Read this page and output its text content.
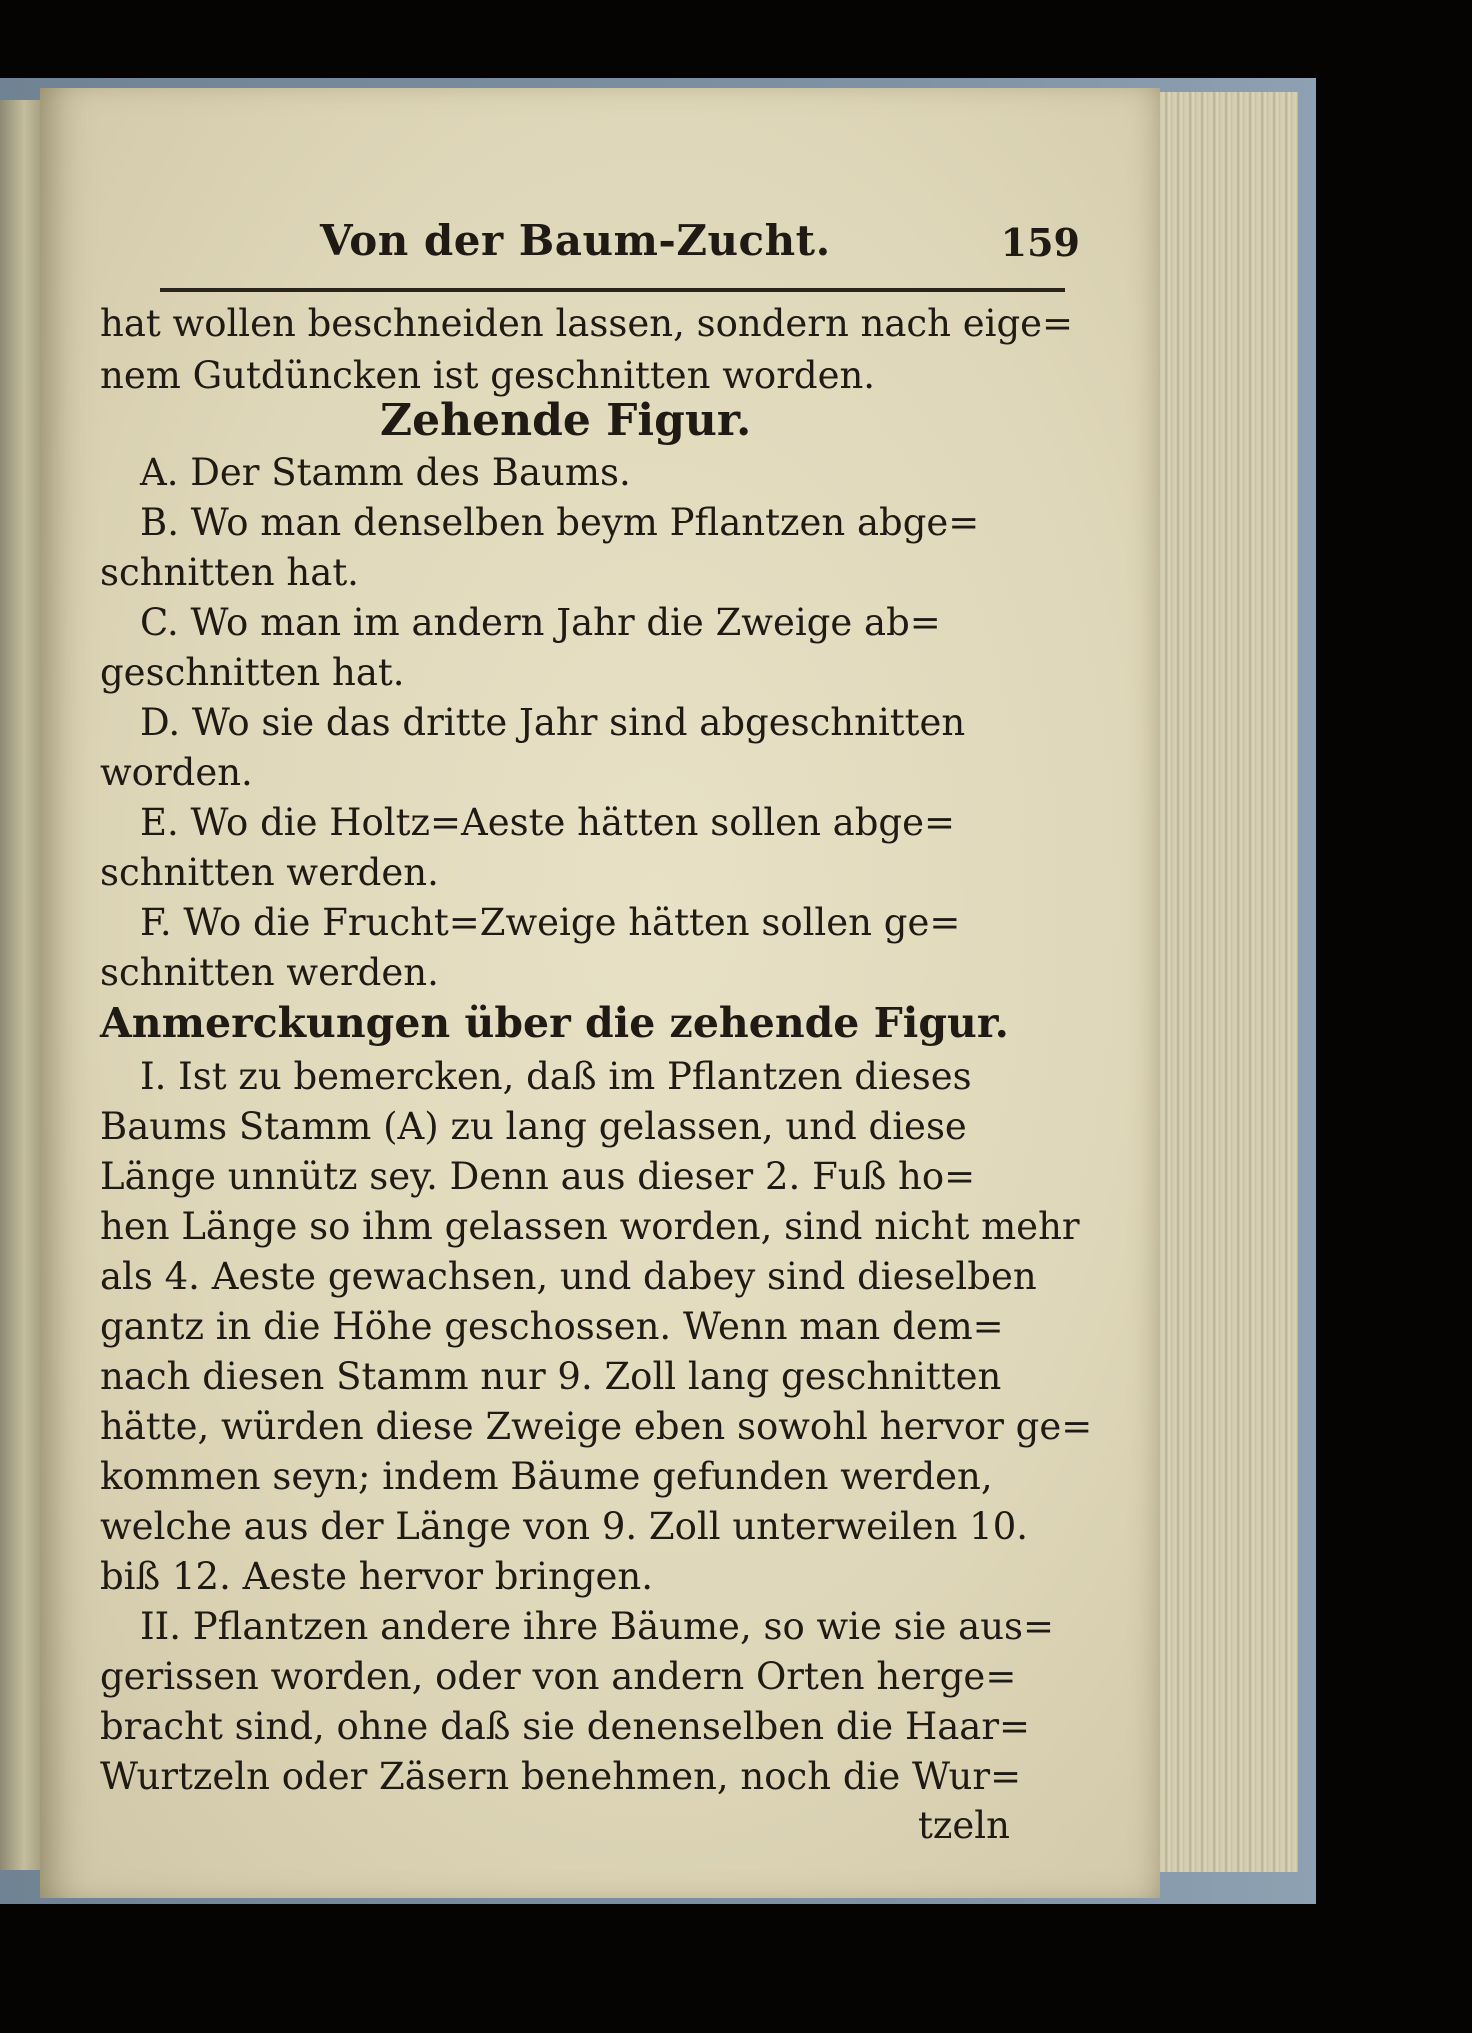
Von der Baum-Zucht.	159
hat wollen beschneiden lassen, sondern nach eige=
nem Gutdüncken ist geschnitten worden.
Zehende Figur.
A. Der Stamm des Baums.
B. Wo man denselben beym Pflantzen abge=
schnitten hat.
C. Wo man im andern Jahr die Zweige ab=
geschnitten hat.
D. Wo sie das dritte Jahr sind abgeschnitten
worden.
E. Wo die Holtz=Aeste hätten sollen abge=
schnitten werden.
F. Wo die Frucht=Zweige hätten sollen ge=
schnitten werden.
Anmerckungen über die zehende Figur.
I. Ist zu bemercken, daß im Pflantzen dieses
Baums Stamm (A) zu lang gelassen, und diese
Länge unnütz sey. Denn aus dieser 2. Fuß ho=
hen Länge so ihm gelassen worden, sind nicht mehr
als 4. Aeste gewachsen, und dabey sind dieselben
gantz in die Höhe geschossen. Wenn man dem=
nach diesen Stamm nur 9. Zoll lang geschnitten
hätte, würden diese Zweige eben sowohl hervor ge=
kommen seyn; indem Bäume gefunden werden,
welche aus der Länge von 9. Zoll unterweilen 10.
biß 12. Aeste hervor bringen.
II. Pflantzen andere ihre Bäume, so wie sie aus=
gerissen worden, oder von andern Orten herge=
bracht sind, ohne daß sie denenselben die Haar=
Wurtzeln oder Zäsern benehmen, noch die Wur=
tzeln
